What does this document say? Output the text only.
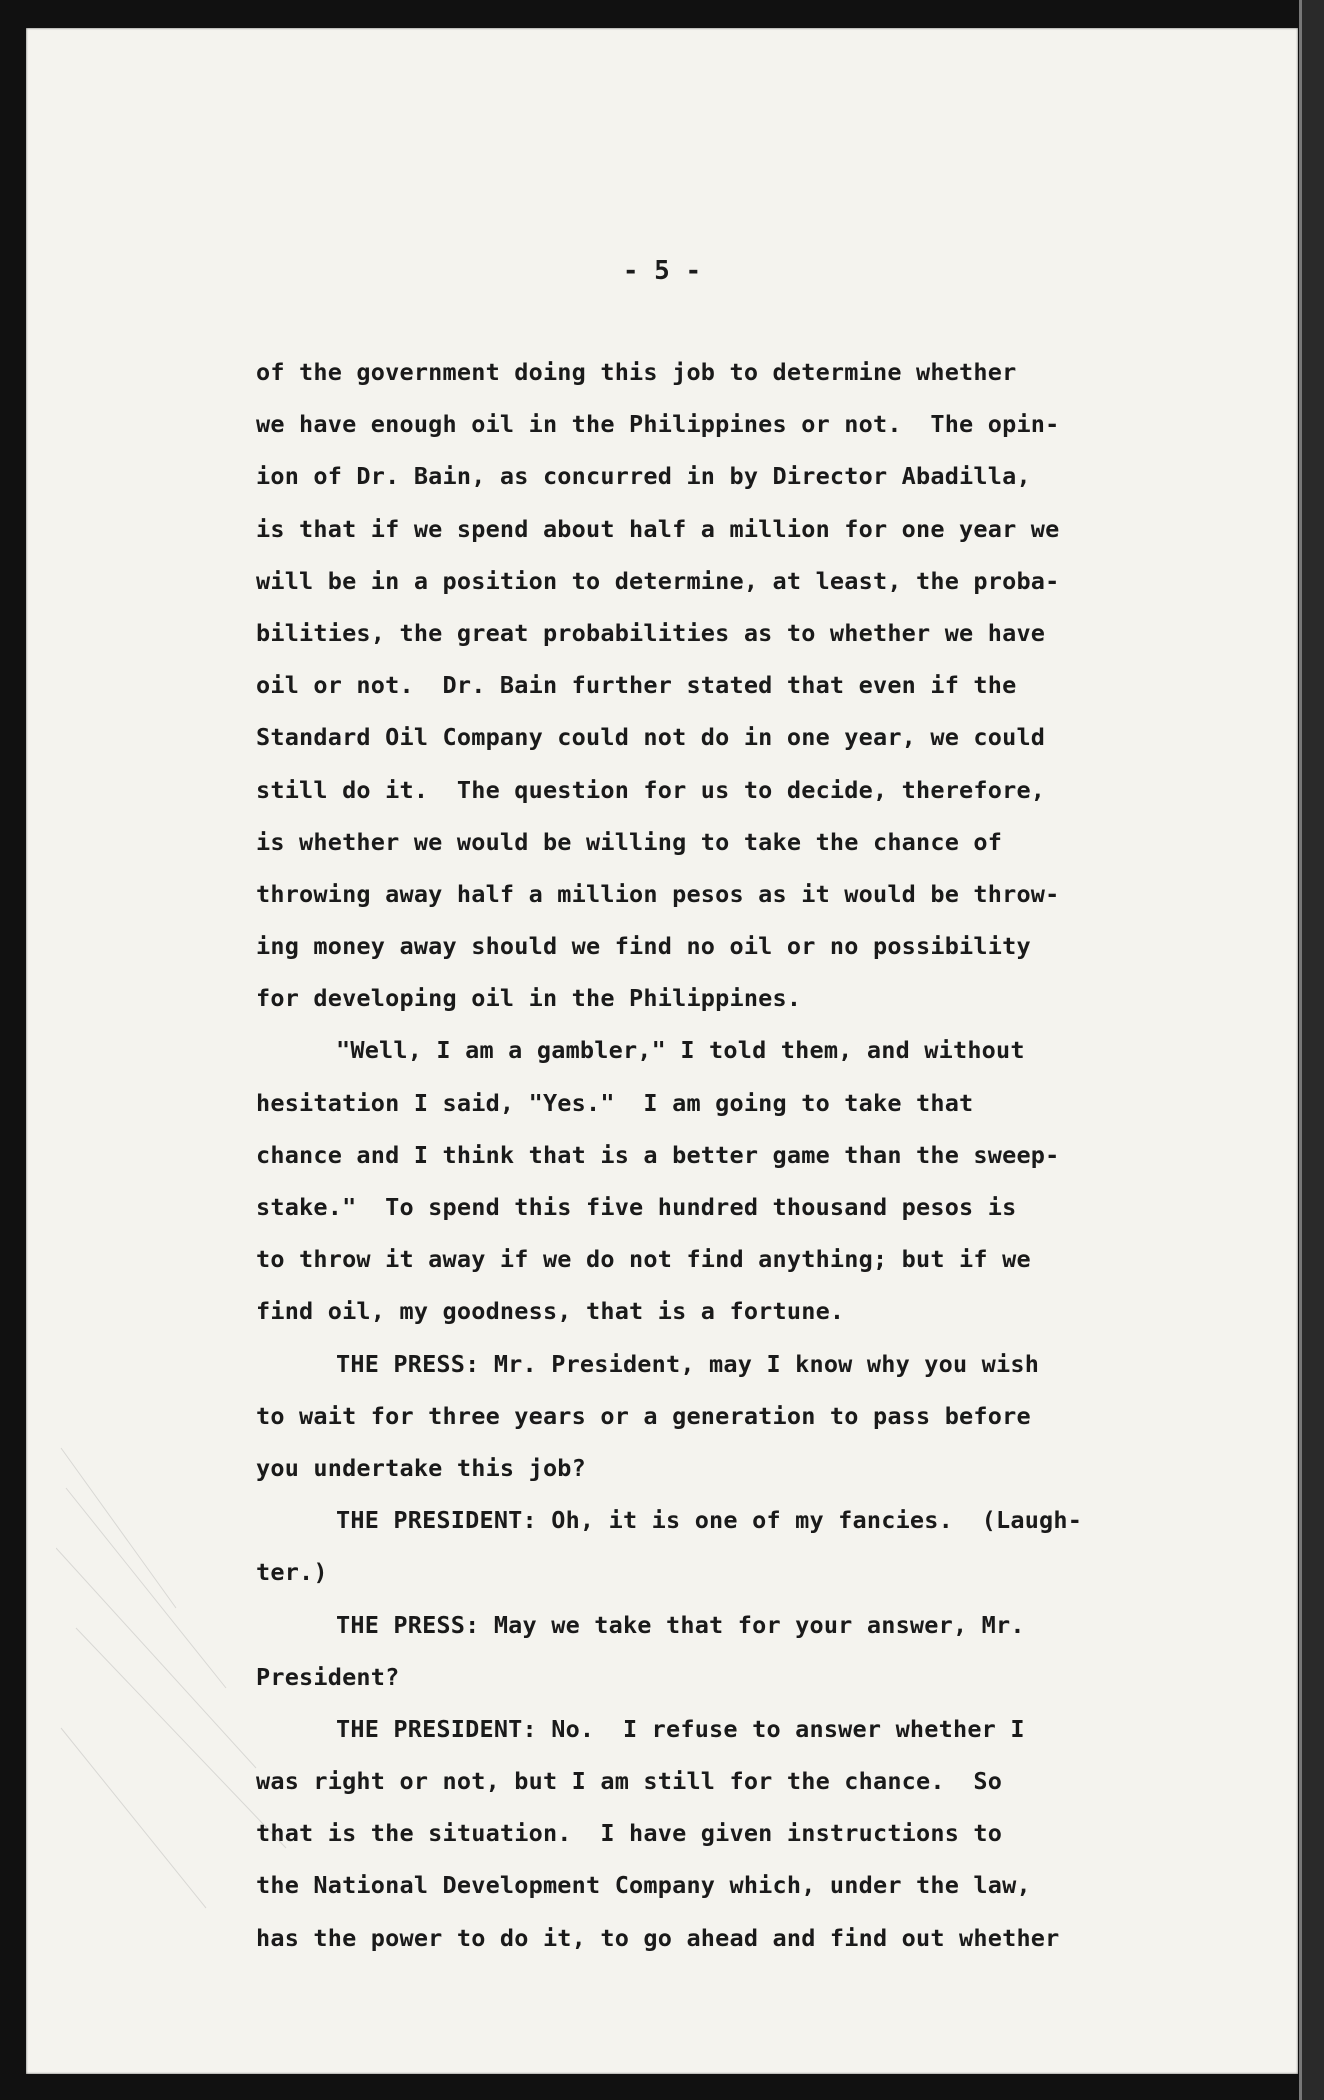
- 5 -
of the government doing this job to determine whether
we have enough oil in the Philippines or not.  The opin-
ion of Dr. Bain, as concurred in by Director Abadilla,
is that if we spend about half a million for one year we
will be in a position to determine, at least, the proba-
bilities, the great probabilities as to whether we have
oil or not.  Dr. Bain further stated that even if the
Standard Oil Company could not do in one year, we could
still do it.  The question for us to decide, therefore,
is whether we would be willing to take the chance of
throwing away half a million pesos as it would be throw-
ing money away should we find no oil or no possibility
for developing oil in the Philippines.
"Well, I am a gambler," I told them, and without
hesitation I said, "Yes."  I am going to take that
chance and I think that is a better game than the sweep-
stake."  To spend this five hundred thousand pesos is
to throw it away if we do not find anything; but if we
find oil, my goodness, that is a fortune.
THE PRESS: Mr. President, may I know why you wish
to wait for three years or a generation to pass before
you undertake this job?
THE PRESIDENT: Oh, it is one of my fancies.  (Laugh-
ter.)
THE PRESS: May we take that for your answer, Mr.
President?
THE PRESIDENT: No.  I refuse to answer whether I
was right or not, but I am still for the chance.  So
that is the situation.  I have given instructions to
the National Development Company which, under the law,
has the power to do it, to go ahead and find out whether
